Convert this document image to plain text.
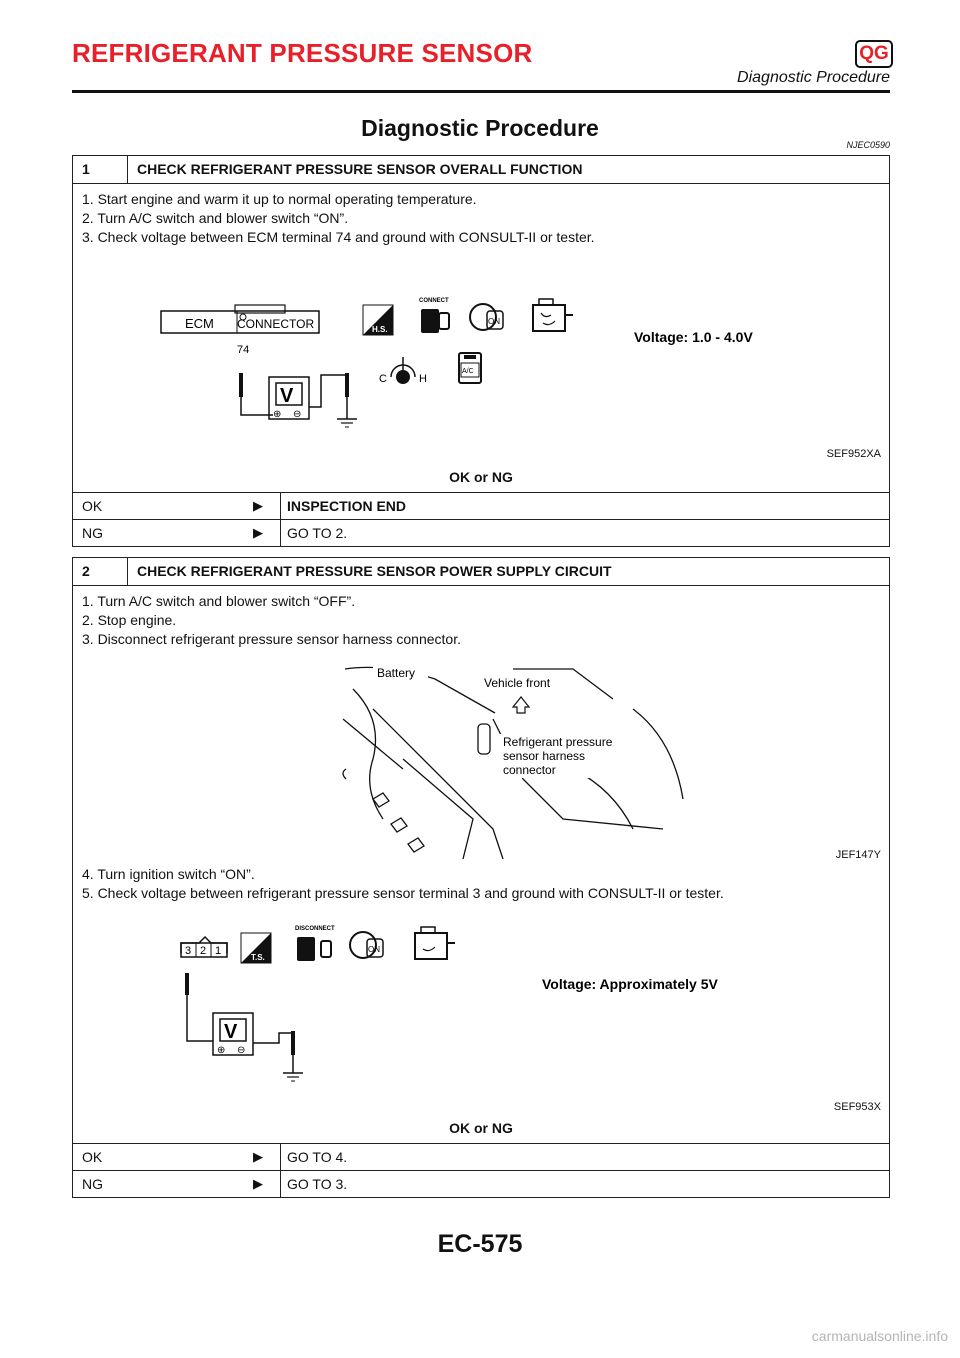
REFRIGERANT PRESSURE SENSOR	QG
Diagnostic Procedure
Diagnostic Procedure
NJEC0590
1	CHECK REFRIGERANT PRESSURE SENSOR OVERALL FUNCTION
1. Start engine and warm it up to normal operating temperature.
2. Turn A/C switch and blower switch “ON”.
3. Check voltage between ECM terminal 74 and ground with CONSULT-II or tester.
ECM CONNECTOR
74
V
⊕ ⊖
H.S.
CONNECT
ON
C	H
A/C
Voltage: 1.0 - 4.0V
SEF952XA
OK or NG
OK	▶	INSPECTION END
NG	▶	GO TO 2.
2	CHECK REFRIGERANT PRESSURE SENSOR POWER SUPPLY CIRCUIT
1. Turn A/C switch and blower switch “OFF”.
2. Stop engine.
3. Disconnect refrigerant pressure sensor harness connector.
Battery
Vehicle front
Refrigerant pressure
sensor harness
connector
JEF147Y
4. Turn ignition switch “ON”.
5. Check voltage between refrigerant pressure sensor terminal 3 and ground with CONSULT-II or tester.
3 2 1
V
⊕ ⊖
T.S.
DISCONNECT
ON
Voltage: Approximately 5V
SEF953X
OK or NG
OK	▶	GO TO 4.
NG	▶	GO TO 3.
EC-575
carmanualsonline.info
